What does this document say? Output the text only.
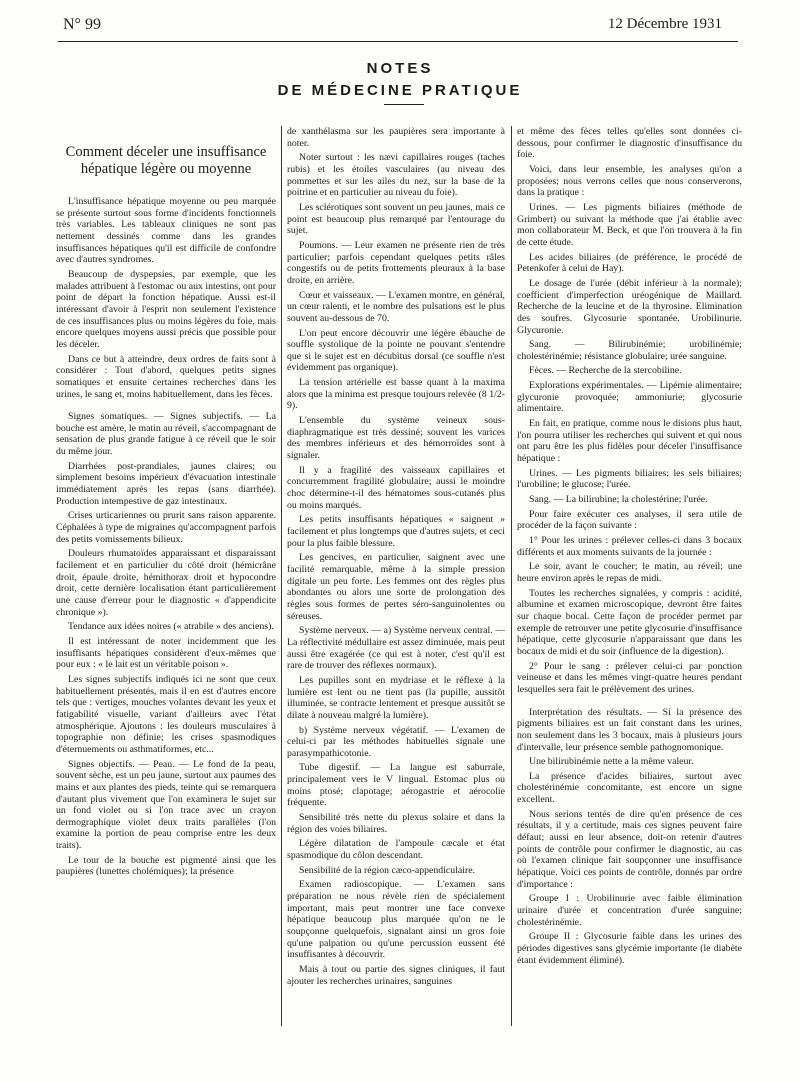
N° 99	12 Décembre 1931
NOTES
DE MÉDECINE PRATIQUE

Comment déceler une insuffisance hépatique légère ou moyenne

L'insuffisance hépatique moyenne ou peu marquée se présente surtout sous forme d'incidents fonctionnels très variables. Les tableaux cliniques ne sont pas nettement dessinés comme dans les grandes insuffisances hépatiques qu'il est difficile de confondre avec d'autres syndromes.

Beaucoup de dyspepsies, par exemple, que les malades attribuent à l'estomac ou aux intestins, ont pour point de départ la fonction hépatique. Aussi est-il intéressant d'avoir à l'esprit non seulement l'existence de ces insuffisances plus ou moins légères du foie, mais encore quelques moyens aussi précis que possible pour les déceler.

Dans ce but à atteindre, deux ordres de faits sont à considérer : Tout d'abord, quelques petits signes somatiques et ensuite certaines recherches dans les urines, le sang et, moins habituellement, dans les fèces.

Signes somatiques. — Signes subjectifs. — La bouche est amère, le matin au réveil, s'accompagnant de sensation de plus grande fatigue à ce réveil que le soir du même jour.

Diarrhées post-prandiales, jaunes claires; ou simplement besoins impérieux d'évacuation intestinale immédiatement après les repas (sans diarrhée). Production intempestive de gaz intestinaux.

Crises urticariennes ou prurit sans raison apparente. Céphalées à type de migraines qu'accompagnent parfois des petits vomissements bilieux.

Douleurs rhumatoïdes apparaissant et disparaissant facilement et en particulier du côté droit (hémicrâne droit, épaule droite, hémithorax droit et hypocondre droit, cette dernière localisation étant particulièrement une cause d'erreur pour le diagnostic « d'appendicite chronique »).

Tendance aux idées noires (« atrabile » des anciens).

Il est intéressant de noter incidemment que les insuffisants hépatiques considèrent d'eux-mêmes que pour eux : « le lait est un véritable poison ».

Les signes subjectifs indiqués ici ne sont que ceux habituellement présentés, mais il en est d'autres encore tels que : vertiges, mouches volantes devant les yeux et fatigabilité visuelle, variant d'ailleurs avec l'état atmosphérique. Ajoutons : les douleurs musculaires à topographie non définie; les crises spasmodiques d'éternuements ou asthmatiformes, etc...

Signes objectifs. — Peau. — Le fond de la peau, souvent sèche, est un peu jaune, surtout aux paumes des mains et aux plantes des pieds, teinte qui se remarquera d'autant plus vivement que l'on examinera le sujet sur un fond violet ou si l'on trace avec un crayon dermographique violet deux traits parallèles (l'on examine la portion de peau comprise entre les deux traits).

Le tour de la bouche est pigmenté ainsi que les paupières (lunettes cholémiques); la présence

de xanthélasma sur les paupières sera importante à noter.

Noter surtout : les nævi capillaires rouges (taches rubis) et les étoiles vasculaires (au niveau des pommettes et sur les ailes du nez, sur la base de la poitrine et en particulier au niveau du foie).

Les sclérotiques sont souvent un peu jaunes, mais ce point est beaucoup plus remarqué par l'entourage du sujet.

Poumons. — Leur examen ne présente rien de très particulier; parfois cependant quelques petits râles congestifs ou de petits frottements pleuraux à la base droite, en arrière.

Cœur et vaisseaux. — L'examen montre, en général, un cœur ralenti, et le nombre des pulsations est le plus souvent au-dessous de 70.

L'on peut encore découvrir une légère ébauche de souffle systolique de la pointe ne pouvant s'entendre que si le sujet est en décubitus dorsal (ce souffle n'est évidemment pas organique).

La tension artérielle est basse quant à la maxima alors que la minima est presque toujours relevée (8 1/2-9).

L'ensemble du système veineux sous-diaphragmatique est très dessiné; souvent les varices des membres inférieurs et des hémorroïdes sont à signaler.

Il y a fragilité des vaisseaux capillaires et concurremment fragilité globulaire; aussi le moindre choc détermine-t-il des hématomes sous-cutanés plus ou moins marqués.

Les petits insuffisants hépatiques « saignent » facilement et plus longtemps que d'autres sujets, et ceci pour la plus faible blessure.

Les gencives, en particulier, saignent avec une facilité remarquable, même à la simple pression digitale un peu forte. Les femmes ont des règles plus abondantes ou alors une sorte de prolongation des règles sous formes de pertes séro-sanguinolentes ou séreuses.

Système nerveux. — a) Système nerveux central. — La réflectivité médullaire est assez diminuée, mais peut aussi être exagérée (ce qui est à noter, c'est qu'il est rare de trouver des réflexes normaux).

Les pupilles sont en mydriase et le réflexe à la lumière est lent ou ne tient pas (la pupille, aussitôt illuminée, se contracte lentement et presque aussitôt se dilate à nouveau malgré la lumière).

b) Système nerveux végétatif. — L'examen de celui-ci par les méthodes habituelles signale une parasympathicotonie.

Tube digestif. — La langue est saburrale, principalement vers le V lingual. Estomac plus ou moins ptosé; clapotage; aérogastrie et aérocolie fréquente.

Sensibilité très nette du plexus solaire et dans la région des voies biliaires.

Légère dilatation de l'ampoule cæcale et état spasmodique du côlon descendant.

Sensibilité de la région cæco-appendiculaire.

Examen radioscopique. — L'examen sans préparation ne nous révèle rien de spécialement important, mais peut montrer une face convexe hépatique beaucoup plus marquée qu'on ne le soupçonne quelquefois, signalant ainsi un gros foie qu'une palpation ou qu'une percussion eussent été insuffisantes à découvrir.

Mais à tout ou partie des signes cliniques, il faut ajouter les recherches urinaires, sanguines

et même des fèces telles qu'elles sont données ci-dessous, pour confirmer le diagnostic d'insuffisance du foie.

Voici, dans leur ensemble, les analyses qu'on a proposées; nous verrons celles que nous conserverons, dans la pratique :

Urines. — Les pigments biliaires (méthode de Grimbert) ou suivant la méthode que j'ai établie avec mon collaborateur M. Beck, et que l'on trouvera à la fin de cette étude.

Les acides biliaires (de préférence, le procédé de Petenkofer à celui de Hay).

Le dosage de l'urée (débit inférieur à la normale); coefficient d'imperfection uréogénique de Maillard. Recherche de la leucine et de la thyrosine. Elimination des soufres. Glycosurie spontanée. Urobilinurie. Glycuronie.

Sang. — Bilirubinémie; urobilinémie; cholestérinémie; résistance globulaire; urée sanguine.

Fèces. — Recherche de la stercobiline.

Explorations expérimentales. — Lipémie alimentaire; glycuronie provoquée; ammoniurie; glycosurie alimentaire.

En fait, en pratique, comme nous le disions plus haut, l'on pourra utiliser les recherches qui suivent et qui nous ont paru être les plus fidèles pour déceler l'insuffisance hépatique :

Urines. — Les pigments biliaires; les sels biliaires; l'urobiline; le glucose; l'urée.

Sang. — La bilirubine; la cholestérine; l'urée.

Pour faire exécuter ces analyses, il sera utile de procéder de la façon suivante :

1° Pour les urines : prélever celles-ci dans 3 bocaux différents et aux moments suivants de la journée :

Le soir, avant le coucher; le matin, au réveil; une heure environ après le repas de midi.

Toutes les recherches signalées, y compris : acidité, albumine et examen microscopique, devront être faites sur chaque bocal. Cette façon de procéder permet par exemple de retrouver une petite glycosurie d'insuffisance hépatique, cette glycosurie n'apparaissant que dans les bocaux de midi et du soir (influence de la digestion).

2° Pour le sang : prélever celui-ci par ponction veineuse et dans les mêmes vingt-quatre heures pendant lesquelles sera fait le prélèvement des urines.

Interprétation des résultats. — Si la présence des pigments biliaires est un fait constant dans les urines, non seulement dans les 3 bocaux, mais à plusieurs jours d'intervalle, leur présence semble pathognomonique.

Une bilirubinémie nette a la même valeur.

La présence d'acides biliaires, surtout avec cholestérinémie concomitante, est encore un signe excellent.

Nous serions tentés de dire qu'en présence de ces résultats, il y a certitude, mais ces signes peuvent faire défaut; aussi en leur absence, doit-on retenir d'autres points de contrôle pour confirmer le diagnostic, au cas où l'examen clinique fait soupçonner une insuffisance hépatique. Voici ces points de contrôle, donnés par ordre d'importance :

Groupe I : Urobilinurie avec faible élimination urinaire d'urée et concentration d'urée sanguine; cholestérinémie.

Groupe II : Glycosurie faible dans les urines des périodes digestives sans glycémie importante (le diabète étant évidemment éliminé).
